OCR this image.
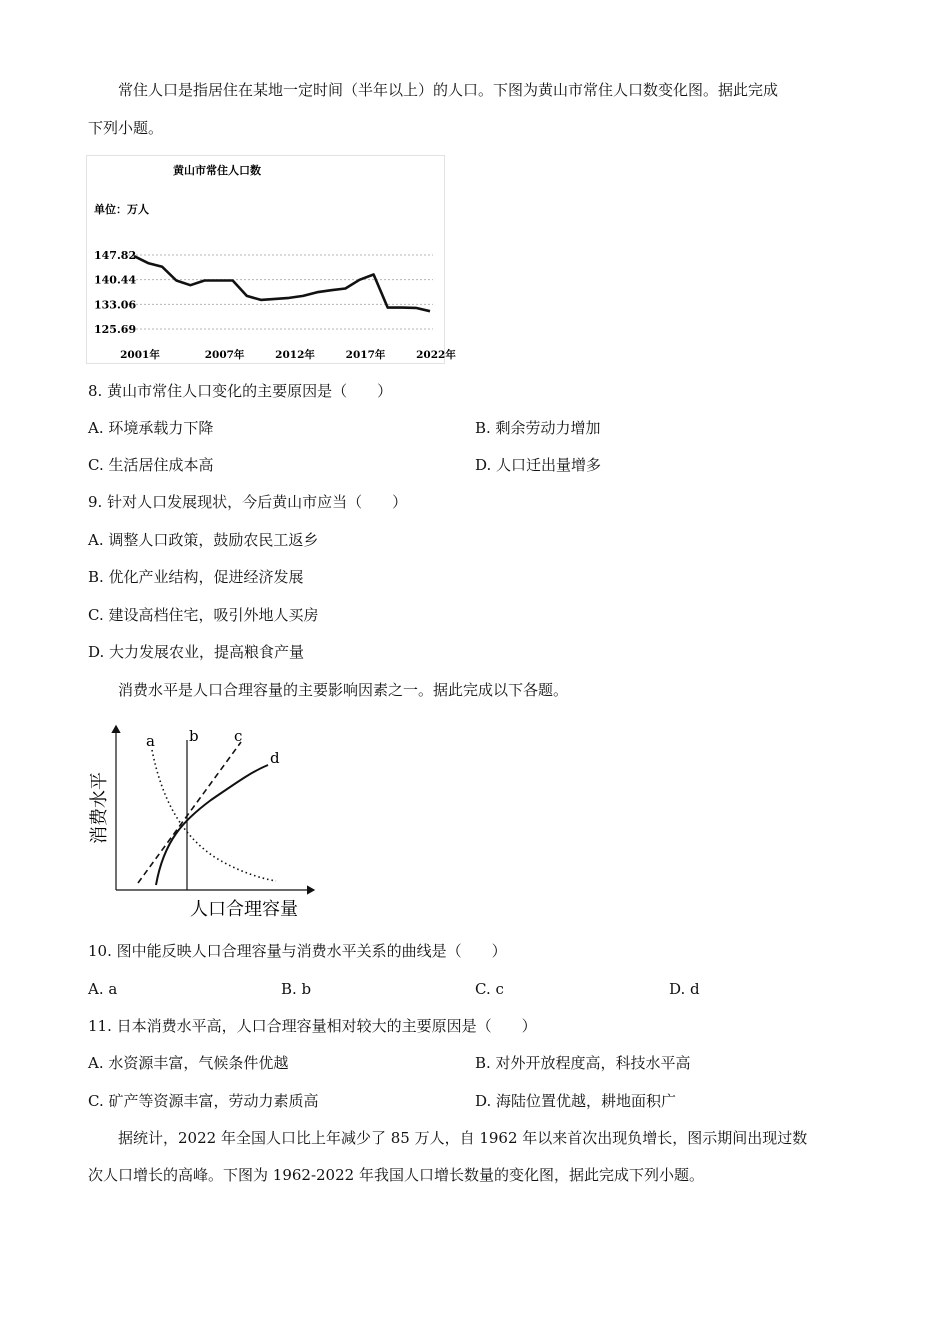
常住人口是指居住在某地一定时间（半年以上）的人口。下图为黄山市常住人口数变化图。据此完成
下列小题。
黄山市常住人口数
单位：万人
147.82
140.44
133.06
125.69
2001年	2007年	2012年	2017年	2022年
8. 黄山市常住人口变化的主要原因是（　　）
A. 环境承载力下降	B. 剩余劳动力增加
C. 生活居住成本高	D. 人口迁出量增多
9. 针对人口发展现状，今后黄山市应当（　　）
A. 调整人口政策，鼓励农民工返乡
B. 优化产业结构，促进经济发展
C. 建设高档住宅，吸引外地人买房
D. 大力发展农业，提高粮食产量
消费水平是人口合理容量的主要影响因素之一。据此完成以下各题。
消费水平
人口合理容量
a b c
d
10. 图中能反映人口合理容量与消费水平关系的曲线是（　　）
A. a	B. b	C. c	D. d
11. 日本消费水平高，人口合理容量相对较大的主要原因是（　　）
A. 水资源丰富，气候条件优越	B. 对外开放程度高，科技水平高
C. 矿产等资源丰富，劳动力素质高	D. 海陆位置优越，耕地面积广
据统计，2022 年全国人口比上年减少了 85 万人，自 1962 年以来首次出现负增长，图示期间出现过数
次人口增长的高峰。下图为 1962-2022 年我国人口增长数量的变化图，据此完成下列小题。
